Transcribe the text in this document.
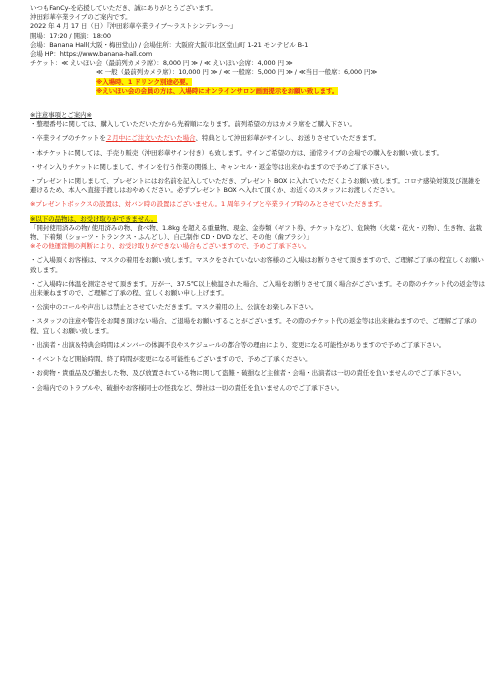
いつもFanCy-を応援していただき、誠にありがとうございます。
沖田彩華卒業ライブのご案内です。
2022 年 4 月 17 日（日）『沖田彩華卒業ライブ〜ラストシンデレラ〜』
開場：17:20 / 開演：18:00
会場：Banana Hall(大阪・梅田堂山) / 会場住所：大阪府大阪市北区堂山町 1-21 モンテビル B-1
会場 HP：https://www.banana-hall.com
チケット：≪ えいほい会（最前列カメラ席）：8,000 円 ≫ / ≪ えいほい会席：4,000 円 ≫
≪ 一般（最前列カメラ席）：10,000 円 ≫ / ≪ 一般席：5,000 円 ≫ / ≪当日一般席：6,000 円≫
※入場時、1 ドリンク別途必要。
※えいほい会の会員の方は、入場時にオンラインサロン画面提示をお願い致します。
※注意事項とご案内※
・整理番号に関しては、購入していただいた方から先着順になります。前列希望の方はカメラ席をご購入下さい。
・卒業ライブのチケットを２月中にご注文いただいた場合、特典として沖田彩華がサインし、お送りさせていただきます。
・本チケットに関しては、手売り販売（沖田彩華サイン付き）も致します。サインご希望の方は、通常ライブの会場での購入をお願い致します。
・サイン入りチケットに関しまして、サインを行う作業の関係上、キャンセル・返金等は出来かねますので予めご了承下さい。
・プレゼントに関しまして、プレゼントにはお名前を記入していただき、プレゼント BOX に入れていただくようお願い致します。コロナ感染対策及び混雑を避けるため、本人へ直接手渡しはおやめください。必ずプレゼント BOX へ入れて頂くか、お近くのスタッフにお渡しください。
※プレゼントボックスの設置は、対バン時の設置はございません。1 周年ライブと卒業ライブ時のみとさせていただきます。
※以下の品物は、お受け取りができません。
「開封使用済みの物/ 使用済みの物、食べ物、1.8kg を超える重量物、現金、金券類（ギフト券、チケットなど）、危険物（火薬・花火・刃物）、生き物、盆栽物、下着類（ショーツ・トランクス・ふんどし）、自己制作 CD・DVD など、その他（歯ブラシ）」
※その他運営側の判断により、お受け取りができない場合もございますので、予めご了承下さい。
・ご入場頂くお客様は、マスクの着用をお願い致します。マスクをされていないお客様のご入場はお断りさせて頂きますので、ご理解ご了承の程宜しくお願い致します。
・ご入場時に体温を測定させて頂きます。万が一、37.5℃以上検温された場合、ご入場をお断りさせて頂く場合がございます。その際のチケット代の返金等は出来兼ねますので、ご理解ご了承の程、宜しくお願い申し上げます。
・公演中のコールや声出しは禁止とさせていただきます。マスク着用の上、公演をお楽しみ下さい。
・スタッフの注意や警告をお聞き頂けない場合、ご退場をお願いすることがございます。その際のチケット代の返金等は出来兼ねますので、ご理解ご了承の程、宜しくお願い致します。
・出演者・出演＆特典会時間はメンバーの体調不良やスケジュールの都合等の理由により、変更になる可能性がありますので予めご了承下さい。
・イベントなど開始時間、終了時間が変更になる可能性もございますので、予めご了承ください。
・お荷物・貴重品及び撤去した物、及び放置されている物に関して盗難・破損など主催者・会場・出演者は一切の責任を負いませんのでご了承下さい。
・会場内でのトラブルや、破損やお客様同士の怪我など、弊社は一切の責任を負いませんのでご了承下さい。
